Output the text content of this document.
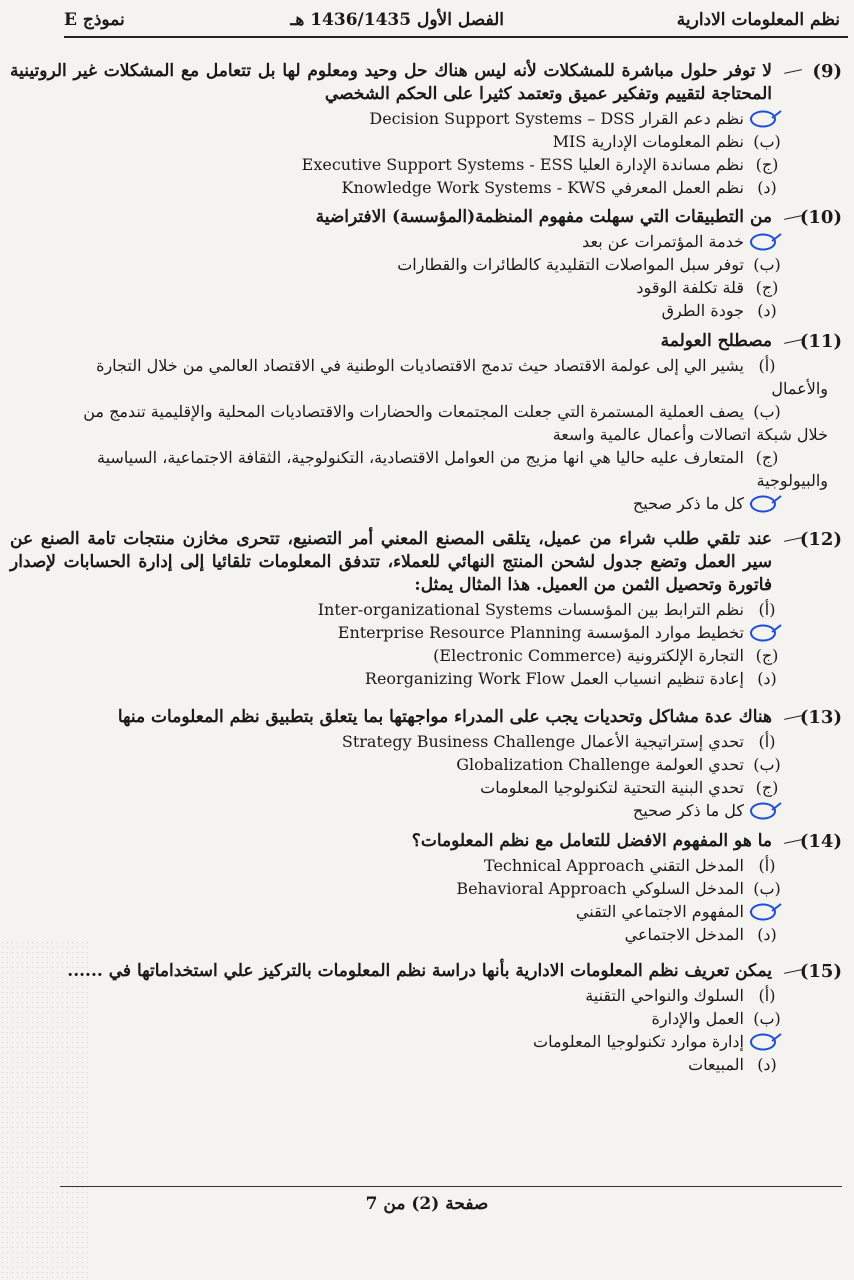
نظم المعلومات الادارية
الفصل الأول 1436/1435 هـ
نموذج E
(9)
لا توفر حلول مباشرة للمشكلات لأنه ليس هناك حل وحيد ومعلوم لها بل تتعامل مع المشكلات غير الروتينية المحتاجة لتقييم وتفكير عميق وتعتمد كثيرا على الحكم الشخصي
نظم دعم القرار Decision Support Systems – DSS
(ب)
نظم المعلومات الإدارية MIS
(ج)
نظم مساندة الإدارة العليا Executive Support Systems - ESS
(د)
نظم العمل المعرفي Knowledge Work Systems - KWS
(10)
من التطبيقات التي سهلت مفهوم المنظمة(المؤسسة) الافتراضية
خدمة المؤتمرات عن بعد
(ب)
توفر سبل المواصلات التقليدية كالطائرات والقطارات
(ج)
قلة تكلفة الوقود
(د)
جودة الطرق
(11)
مصطلح العولمة
(أ)
يشير الي إلى عولمة الاقتصاد حيث تدمج الاقتصاديات الوطنية في الاقتصاد العالمي من خلال التجارة
والأعمال
(ب)
يصف العملية المستمرة التي جعلت المجتمعات والحضارات والاقتصاديات المحلية والإقليمية تندمج من
خلال شبكة اتصالات وأعمال عالمية واسعة
(ج)
المتعارف عليه حاليا هي انها مزيج من العوامل الاقتصادية، التكنولوجية، الثقافة الاجتماعية، السياسية
والبيولوجية
كل ما ذكر صحيح
(12)
عند تلقي طلب شراء من عميل، يتلقى المصنع المعني أمر التصنيع، تتحرى مخازن منتجات تامة الصنع عن سير العمل وتضع جدول لشحن المنتج النهائي للعملاء، تتدفق المعلومات تلقائيا إلى إدارة الحسابات لإصدار فاتورة وتحصيل الثمن من العميل. هذا المثال يمثل:
(أ)
نظم الترابط بين المؤسسات Inter-organizational Systems
تخطيط موارد المؤسسة Enterprise Resource Planning
(ج)
التجارة الإلكترونية (Electronic Commerce)
(د)
إعادة تنظيم انسياب العمل Reorganizing Work Flow
(13)
هناك عدة مشاكل وتحديات يجب على المدراء مواجهتها بما يتعلق بتطبيق نظم المعلومات منها
(أ)
تحدي إستراتيجية الأعمال Strategy Business Challenge
(ب)
تحدي العولمة Globalization Challenge
(ج)
تحدي البنية التحتية لتكنولوجيا المعلومات
كل ما ذكر صحيح
(14)
ما هو المفهوم الافضل للتعامل مع نظم المعلومات؟
(أ)
المدخل التقني Technical Approach
(ب)
المدخل السلوكي Behavioral Approach
المفهوم الاجتماعي التقني
(د)
المدخل الاجتماعي
(15)
يمكن تعريف نظم المعلومات الادارية بأنها دراسة نظم المعلومات بالتركيز علي استخداماتها في ......
(أ)
السلوك والنواحي التقنية
(ب)
العمل والإدارة
إدارة موارد تكنولوجيا المعلومات
(د)
المبيعات
صفحة (2) من 7
